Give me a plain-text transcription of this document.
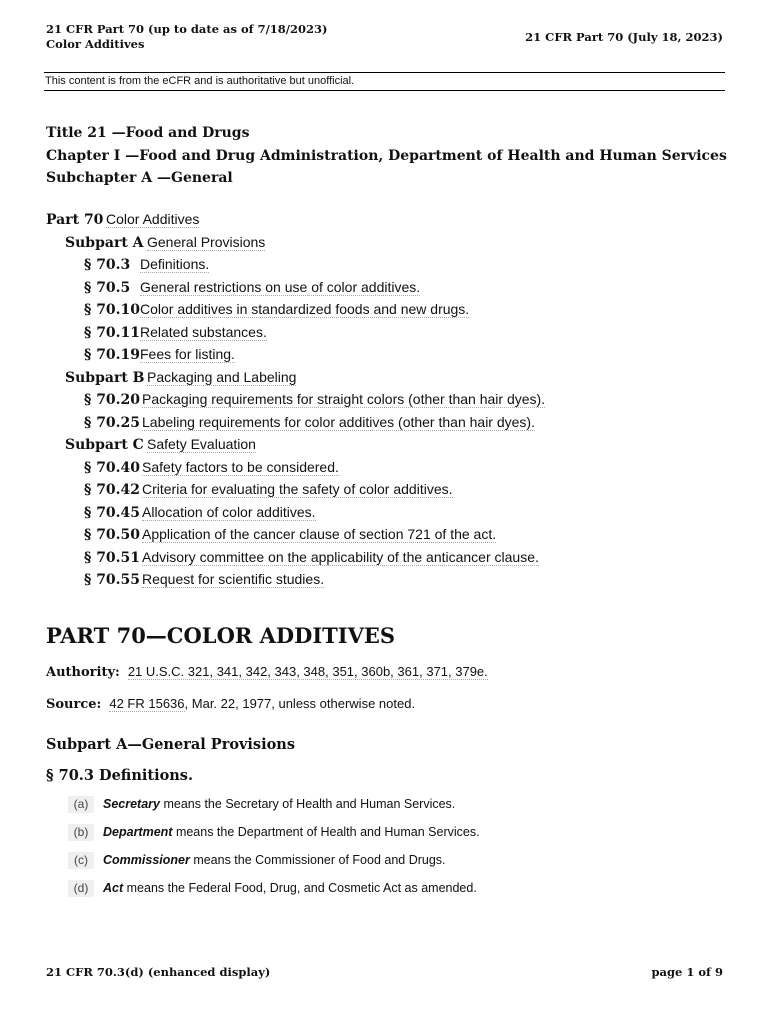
21 CFR Part 70 (up to date as of 7/18/2023)
Color Additives	21 CFR Part 70 (July 18, 2023)
This content is from the eCFR and is authoritative but unofficial.
Title 21 —Food and Drugs
Chapter I —Food and Drug Administration, Department of Health and Human Services
Subchapter A —General
Part 70 Color Additives
Subpart A General Provisions
§ 70.3 Definitions.
§ 70.5 General restrictions on use of color additives.
§ 70.10Color additives in standardized foods and new drugs.
§ 70.11Related substances.
§ 70.19Fees for listing.
Subpart B Packaging and Labeling
§ 70.20 Packaging requirements for straight colors (other than hair dyes).
§ 70.25 Labeling requirements for color additives (other than hair dyes).
Subpart C Safety Evaluation
§ 70.40 Safety factors to be considered.
§ 70.42 Criteria for evaluating the safety of color additives.
§ 70.45 Allocation of color additives.
§ 70.50 Application of the cancer clause of section 721 of the act.
§ 70.51 Advisory committee on the applicability of the anticancer clause.
§ 70.55 Request for scientific studies.
PART 70—COLOR ADDITIVES
Authority: 21 U.S.C. 321, 341, 342, 343, 348, 351, 360b, 361, 371, 379e.
Source: 42 FR 15636, Mar. 22, 1977, unless otherwise noted.
Subpart A—General Provisions
§ 70.3 Definitions.
(a)	Secretary means the Secretary of Health and Human Services.
(b)	Department means the Department of Health and Human Services.
(c)	Commissioner means the Commissioner of Food and Drugs.
(d)	Act means the Federal Food, Drug, and Cosmetic Act as amended.
21 CFR 70.3(d) (enhanced display)	page 1 of 9
